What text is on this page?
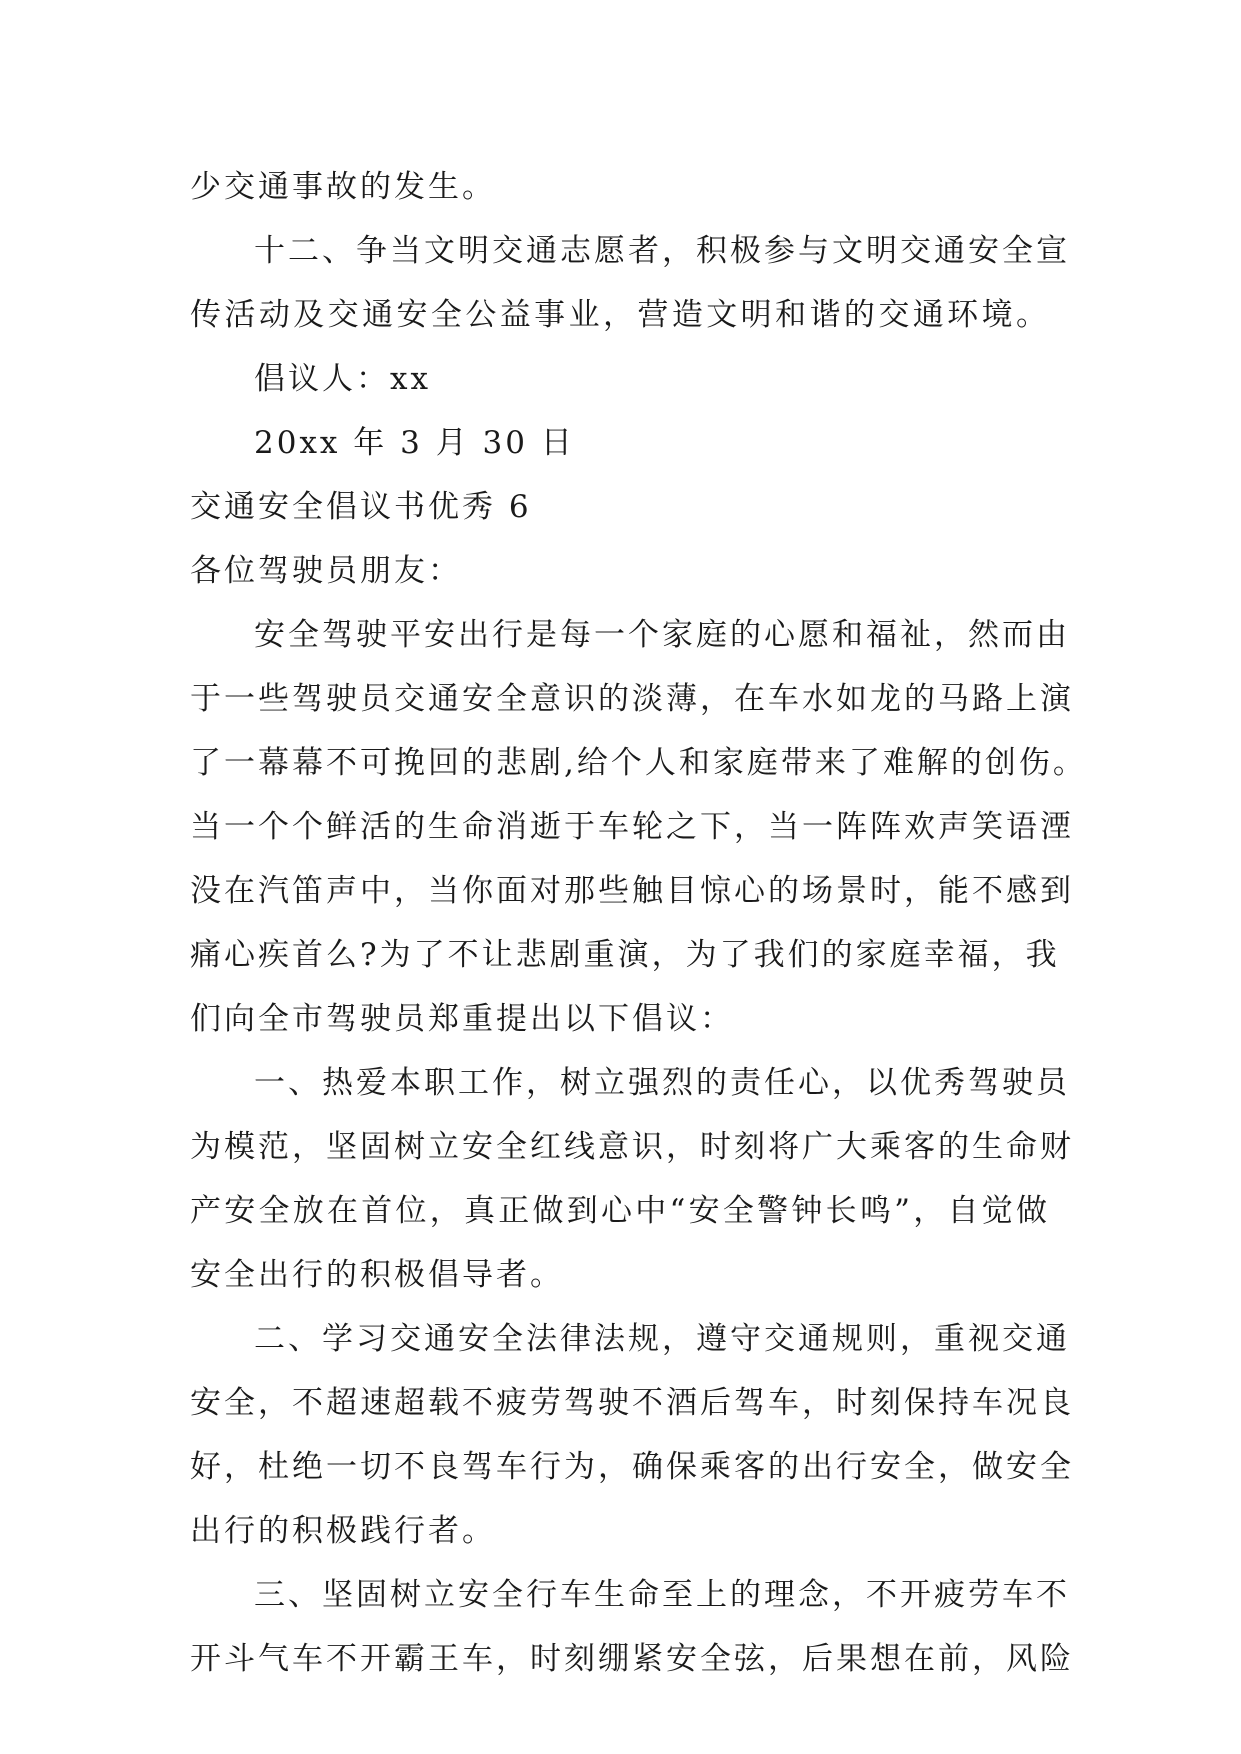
少交通事故的发生。
十二、争当文明交通志愿者，积极参与文明交通安全宣
传活动及交通安全公益事业，营造文明和谐的交通环境。
倡议人：xx
20xx 年 3 月 30 日
交通安全倡议书优秀 6
各位驾驶员朋友：
安全驾驶平安出行是每一个家庭的心愿和福祉，然而由
于一些驾驶员交通安全意识的淡薄，在车水如龙的马路上演
了一幕幕不可挽回的悲剧,给个人和家庭带来了难解的创伤。
当一个个鲜活的生命消逝于车轮之下，当一阵阵欢声笑语湮
没在汽笛声中，当你面对那些触目惊心的场景时，能不感到
痛心疾首么?为了不让悲剧重演，为了我们的家庭幸福，我
们向全市驾驶员郑重提出以下倡议：
一、热爱本职工作，树立强烈的责任心，以优秀驾驶员
为模范，坚固树立安全红线意识，时刻将广大乘客的生命财
产安全放在首位，真正做到心中“安全警钟长鸣”，自觉做
安全出行的积极倡导者。
二、学习交通安全法律法规，遵守交通规则，重视交通
安全，不超速超载不疲劳驾驶不酒后驾车，时刻保持车况良
好，杜绝一切不良驾车行为，确保乘客的出行安全，做安全
出行的积极践行者。
三、坚固树立安全行车生命至上的理念，不开疲劳车不
开斗气车不开霸王车，时刻绷紧安全弦，后果想在前，风险
